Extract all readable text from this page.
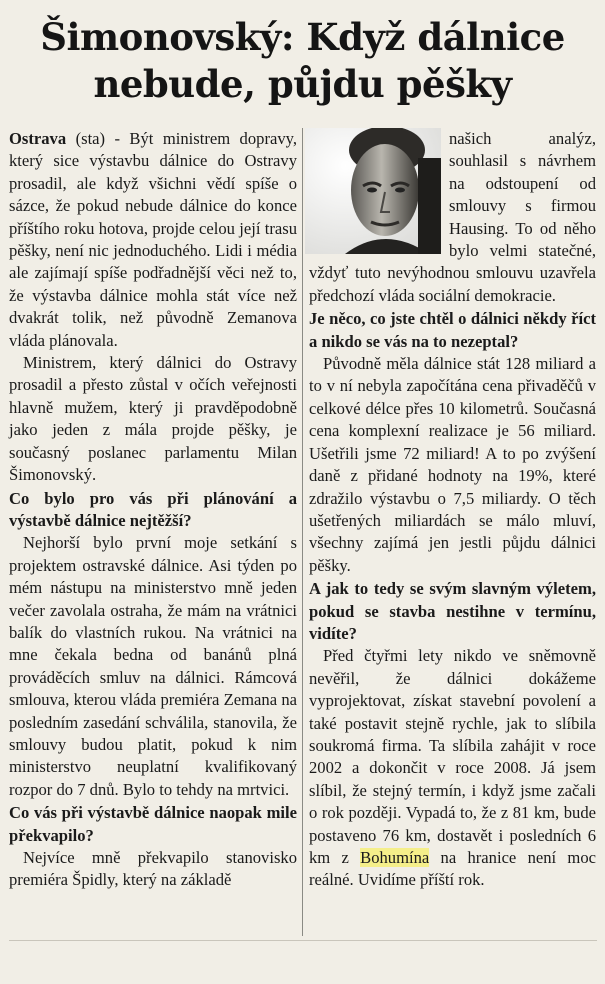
Šimonovský: Když dálnice
nebude, půjdu pěšky

Ostrava (sta) - Být ministrem dopravy, který sice výstavbu dálnice do Ostravy prosadil, ale když všichni vědí spíše o sázce, že pokud nebude dálnice do konce příštího roku hotova, projde celou její trasu pěšky, není nic jednoduchého. Lidi i média ale zajímají spíše podřadnější věci než to, že výstavba dálnice mohla stát více než dvakrát tolik, než původně Zemanova vláda plánovala.

Ministrem, který dálnici do Ostravy prosadil a přesto zůstal v očích veřejnosti hlavně mužem, který ji pravděpodobně jako jeden z mála projde pěšky, je současný poslanec parlamentu Milan Šimonovský.

Co bylo pro vás při plánování a výstavbě dálnice nejtěžší?

Nejhorší bylo první moje setkání s projektem ostravské dálnice. Asi týden po mém nástupu na ministerstvo mně jeden večer zavolala ostraha, že mám na vrátnici balík do vlastních rukou. Na vrátnici na mne čekala bedna od banánů plná prováděcích smluv na dálnici. Rámcová smlouva, kterou vláda premiéra Zemana na posledním zasedání schválila, stanovila, že smlouvy budou platit, pokud k nim ministerstvo neuplatní kvalifikovaný rozpor do 7 dnů. Bylo to tehdy na mrtvici.

Co vás při výstavbě dálnice naopak mile překvapilo?

Nejvíce mně překvapilo stanovisko premiéra Špidly, který na základě

našich analýz, souhlasil s návrhem na odstoupení od smlouvy s firmou Hausing. To od něho bylo velmi statečné, vždyť tuto nevýhodnou smlouvu uzavřela předchozí vláda sociální demokracie.

Je něco, co jste chtěl o dálnici někdy říct a nikdo se vás na to nezeptal?

Původně měla dálnice stát 128 miliard a to v ní nebyla započítána cena přivaděčů v celkové délce přes 10 kilometrů. Současná cena komplexní realizace je 56 miliard. Ušetřili jsme 72 miliard! A to po zvýšení daně z přidané hodnoty na 19%, které zdražilo výstavbu o 7,5 miliardy. O těch ušetřených miliardách se málo mluví, všechny zajímá jen jestli půjdu dálnici pěšky.

A jak to tedy se svým slavným výletem, pokud se stavba nestihne v termínu, vidíte?

Před čtyřmi lety nikdo ve sněmovně nevěřil, že dálnici dokážeme vyprojektovat, získat stavební povolení a také postavit stejně rychle, jak to slíbila soukromá firma. Ta slíbila zahájit v roce 2002 a dokončit v roce 2008. Já jsem slíbil, že stejný termín, i když jsme začali o rok později. Vypadá to, že z 81 km, bude postaveno 76 km, dostavět i posledních 6 km z Bohumína na hranice není moc reálné. Uvidíme příští rok.
